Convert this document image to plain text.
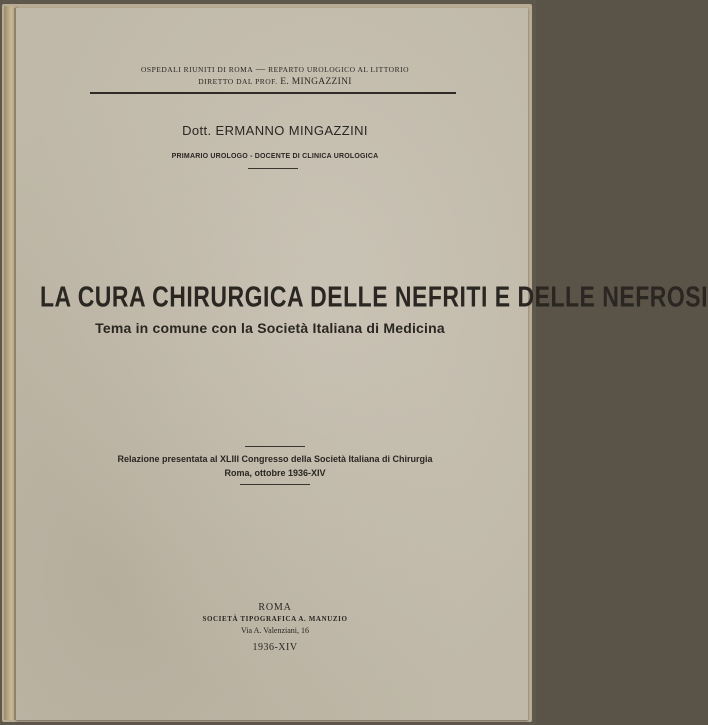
OSPEDALI RIUNITI DI ROMA — REPARTO UROLOGICO AL LITTORIO
DIRETTO DAL PROF. E. MINGAZZINI
Dott. ERMANNO MINGAZZINI
PRIMARIO UROLOGO - DOCENTE DI CLINICA UROLOGICA
LA CURA CHIRURGICA DELLE NEFRITI E DELLE NEFROSI
Tema in comune con la Società Italiana di Medicina
Relazione presentata al XLIII Congresso della Società Italiana di Chirurgia
Roma, ottobre 1936-XIV
ROMA
SOCIETÀ TIPOGRAFICA A. MANUZIO
Via A. Valenziani, 16
1936-XIV
